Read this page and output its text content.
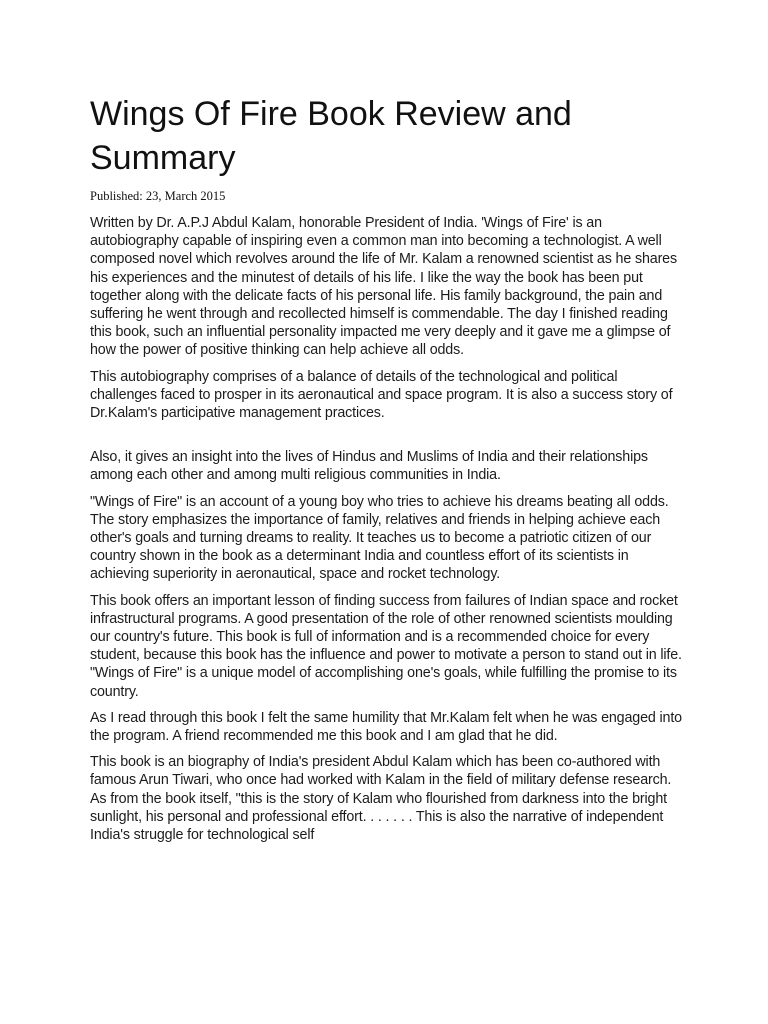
Wings Of Fire Book Review and Summary
Published: 23, March 2015

Written by Dr. A.P.J Abdul Kalam, honorable President of India. 'Wings of Fire' is an autobiography capable of inspiring even a common man into becoming a technologist. A well composed novel which revolves around the life of Mr. Kalam a renowned scientist as he shares his experiences and the minutest of details of his life. I like the way the book has been put together along with the delicate facts of his personal life. His family background, the pain and suffering he went through and recollected himself is commendable. The day I finished reading this book, such an influential personality impacted me very deeply and it gave me a glimpse of how the power of positive thinking can help achieve all odds.

This autobiography comprises of a balance of details of the technological and political challenges faced to prosper in its aeronautical and space program. It is also a success story of Dr.Kalam's participative management practices.

Also, it gives an insight into the lives of Hindus and Muslims of India and their relationships among each other and among multi religious communities in India.

"Wings of Fire" is an account of a young boy who tries to achieve his dreams beating all odds. The story emphasizes the importance of family, relatives and friends in helping achieve each other's goals and turning dreams to reality. It teaches us to become a patriotic citizen of our country shown in the book as a determinant India and countless effort of its scientists in achieving superiority in aeronautical, space and rocket technology.

This book offers an important lesson of finding success from failures of Indian space and rocket infrastructural programs. A good presentation of the role of other renowned scientists moulding our country's future. This book is full of information and is a recommended choice for every student, because this book has the influence and power to motivate a person to stand out in life. "Wings of Fire" is a unique model of accomplishing one's goals, while fulfilling the promise to its country.

As I read through this book I felt the same humility that Mr.Kalam felt when he was engaged into the program. A friend recommended me this book and I am glad that he did.

This book is an biography of India's president Abdul Kalam which has been co-authored with famous Arun Tiwari, who once had worked with Kalam in the field of military defense research. As from the book itself, "this is the story of Kalam who flourished from darkness into the bright sunlight, his personal and professional effort. . . . . . . This is also the narrative of independent India's struggle for technological self
